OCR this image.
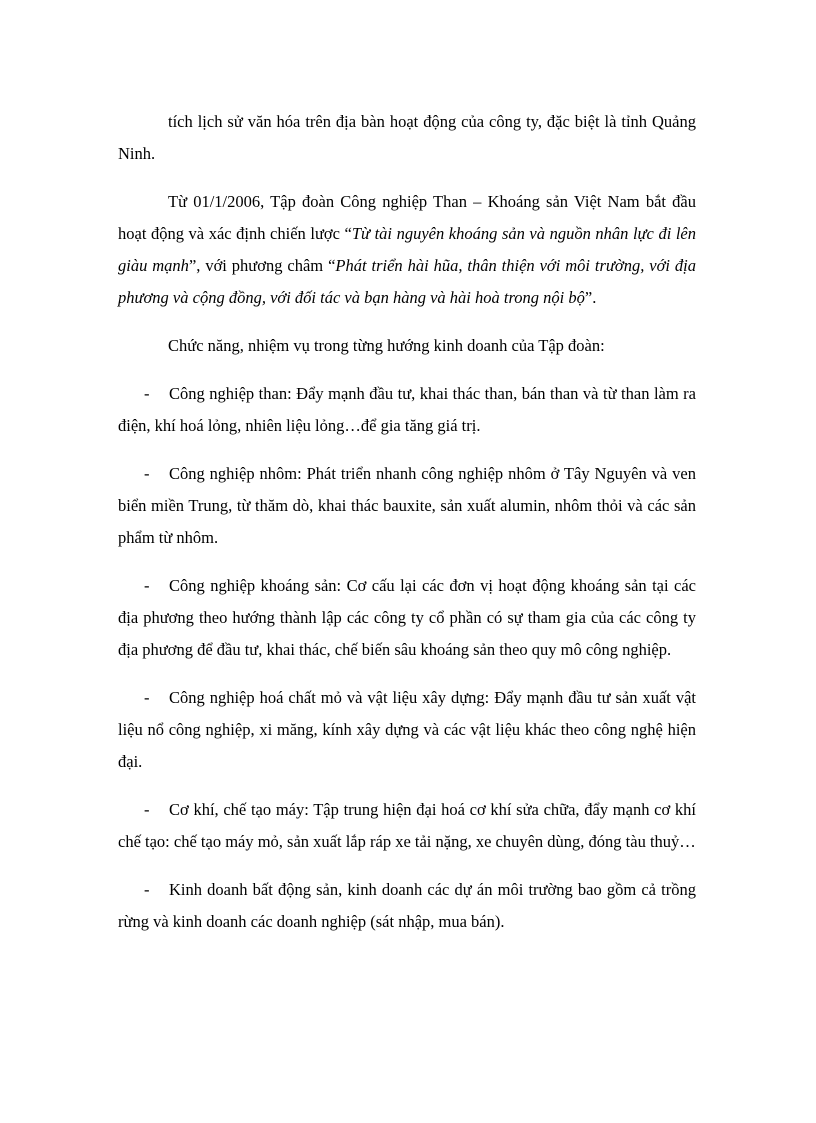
tích lịch sử văn hóa trên địa bàn hoạt động của công ty, đặc biệt là tỉnh Quảng Ninh.

Từ 01/1/2006, Tập đoàn Công nghiệp Than – Khoáng sản Việt Nam bắt đầu hoạt động và xác định chiến lược “Từ tài nguyên khoáng sản và nguồn nhân lực đi lên giàu mạnh”, với phương châm “Phát triển hài hũa, thân thiện với môi trường, với địa phương và cộng đồng, với đối tác và bạn hàng và hài hoà trong nội bộ”.

Chức năng, nhiệm vụ trong từng hướng kinh doanh của Tập đoàn:

- Công nghiệp than: Đẩy mạnh đầu tư, khai thác than, bán than và từ than làm ra điện, khí hoá lỏng, nhiên liệu lỏng…để gia tăng giá trị.

- Công nghiệp nhôm: Phát triển nhanh công nghiệp nhôm ở Tây Nguyên và ven biển miền Trung, từ thăm dò, khai thác bauxite, sản xuất alumin, nhôm thỏi và các sản phẩm từ nhôm.

- Công nghiệp khoáng sản: Cơ cấu lại các đơn vị hoạt động khoáng sản tại các địa phương theo hướng thành lập các công ty cổ phần có sự tham gia của các công ty địa phương để đầu tư, khai thác, chế biến sâu khoáng sản theo quy mô công nghiệp.

- Công nghiệp hoá chất mỏ và vật liệu xây dựng: Đẩy mạnh đầu tư sản xuất vật liệu nổ công nghiệp, xi măng, kính xây dựng và các vật liệu khác theo công nghệ hiện đại.

- Cơ khí, chế tạo máy: Tập trung hiện đại hoá cơ khí sửa chữa, đẩy mạnh cơ khí chế tạo: chế tạo máy mỏ, sản xuất lắp ráp xe tải nặng, xe chuyên dùng, đóng tàu thuỷ…

- Kinh doanh bất động sản, kinh doanh các dự án môi trường bao gồm cả trồng rừng và kinh doanh các doanh nghiệp (sát nhập, mua bán).
